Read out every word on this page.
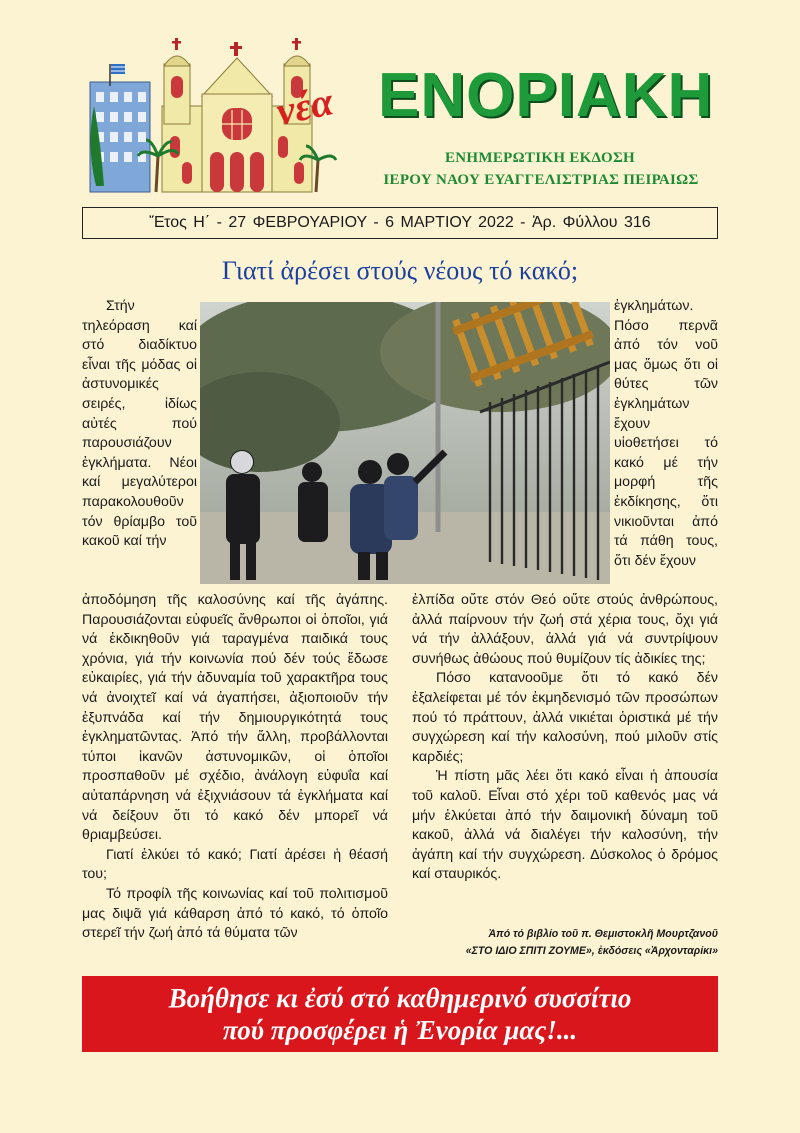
νέα ΕΝΟΡΙΑΚΗ
ΕΝΗΜΕΡΩΤΙΚΗ ΕΚΔΟΣΗ
ΙΕΡΟΥ ΝΑΟΥ ΕΥΑΓΓΕΛΙΣΤΡΙΑΣ ΠΕΙΡΑΙΩΣ
Ἔτος Η΄ - 27 ΦΕΒΡΟΥΑΡΙΟΥ - 6 ΜΑΡΤΙΟΥ 2022 - Ἀρ. Φύλλου 316
Γιατί ἀρέσει στούς νέους τό κακό;

Στήν τηλεόραση καί στό διαδίκτυο εἶναι τῆς μόδας οἱ ἀστυνομικές σειρές, ἰδίως αὐτές πού παρουσιάζουν ἐγκλήματα. Νέοι καί μεγαλύτεροι παρακολουθοῦν τόν θρίαμβο τοῦ κακοῦ καί τήν

ἐγκλημάτων. Πόσο περνᾶ ἀπό τόν νοῦ μας ὅμως ὅτι οἱ θύτες τῶν ἐγκλημάτων ἔχουν υἱοθετήσει τό κακό μέ τήν μορφή τῆς ἐκδίκησης, ὅτι νικιοῦνται ἀπό τά πάθη τους, ὅτι δέν ἔχουν

ἀποδόμηση τῆς καλοσύνης καί τῆς ἀγάπης. Παρουσιάζονται εὐφυεῖς ἄνθρωποι οἱ ὁποῖοι, γιά νά ἐκδικηθοῦν γιά ταραγμένα παιδικά τους χρόνια, γιά τήν κοινωνία πού δέν τούς ἔδωσε εὐκαιρίες, γιά τήν ἀδυναμία τοῦ χαρακτῆρα τους νά ἀνοιχτεῖ καί νά ἀγαπήσει, ἀξιοποιοῦν τήν ἐξυπνάδα καί τήν δημιουργικότητά τους ἐγκληματῶντας. Ἀπό τήν ἄλλη, προβάλλονται τύποι ἱκανῶν ἀστυνομικῶν, οἱ ὁποῖοι προσπαθοῦν μέ σχέδιο, ἀνάλογη εὐφυΐα καί αὐταπάρνηση νά ἐξιχνιάσουν τά ἐγκλήματα καί νά δείξουν ὅτι τό κακό δέν μπορεῖ νά θριαμβεύσει.

Γιατί ἑλκύει τό κακό; Γιατί ἀρέσει ἡ θέασή του;

Τό προφίλ τῆς κοινωνίας καί τοῦ πολιτισμοῦ μας διψᾶ γιά κάθαρση ἀπό τό κακό, τό ὁποῖο στερεῖ τήν ζωή ἀπό τά θύματα τῶν

ἐλπίδα οὔτε στόν Θεό οὔτε στούς ἀνθρώπους, ἀλλά παίρνουν τήν ζωή στά χέρια τους, ὄχι γιά νά τήν ἀλλάξουν, ἀλλά γιά νά συντρίψουν συνήθως ἀθώους πού θυμίζουν τίς ἀδικίες της;

Πόσο κατανοοῦμε ὅτι τό κακό δέν ἐξαλείφεται μέ τόν ἐκμηδενισμό τῶν προσώπων πού τό πράττουν, ἀλλά νικιέται ὁριστικά μέ τήν συγχώρεση καί τήν καλοσύνη, πού μιλοῦν στίς καρδιές;

Ἡ πίστη μᾶς λέει ὅτι κακό εἶναι ἡ ἀπουσία τοῦ καλοῦ. Εἶναι στό χέρι τοῦ καθενός μας νά μήν ἑλκύεται ἀπό τήν δαιμονική δύναμη τοῦ κακοῦ, ἀλλά νά διαλέγει τήν καλοσύνη, τήν ἀγάπη καί τήν συγχώρεση. Δύσκολος ὁ δρόμος καί σταυρικός.

Ἀπό τό βιβλίο τοῦ π. Θεμιστοκλῆ Μουρτζανοῦ
«ΣΤΟ ΙΔΙΟ ΣΠΙΤΙ ΖΟΥΜΕ», ἐκδόσεις «Ἀρχονταρίκι»
Βοήθησε κι ἐσύ στό καθημερινό συσσίτιο
πού προσφέρει ἡ Ἐνορία μας!...
